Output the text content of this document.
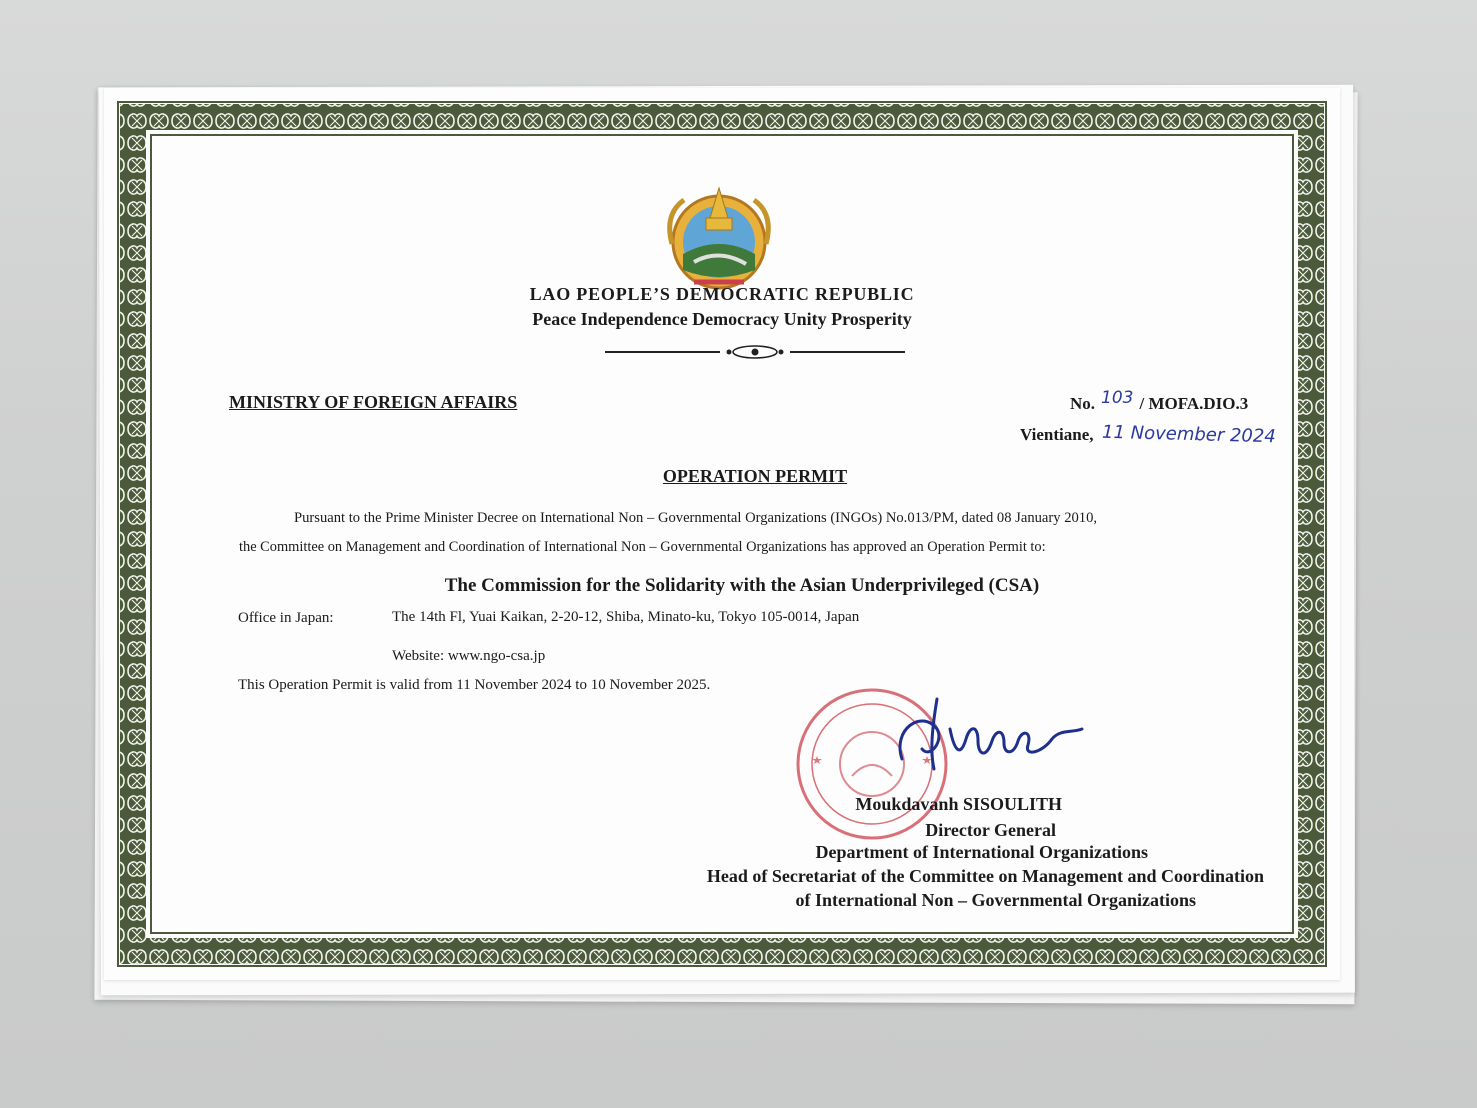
LAO PEOPLE’S DEMOCRATIC REPUBLIC
Peace Independence Democracy Unity Prosperity
MINISTRY OF FOREIGN AFFAIRS	No. 103 / MOFA.DIO.3
Vientiane, 11 November 2024
OPERATION PERMIT
Pursuant to the Prime Minister Decree on International Non – Governmental Organizations (INGOs) No.013/PM, dated 08 January 2010,
the Committee on Management and Coordination of International Non – Governmental Organizations has approved an Operation Permit to:
The Commission for the Solidarity with the Asian Underprivileged (CSA)
Office in Japan:	The 14th Fl, Yuai Kaikan, 2-20-12, Shiba, Minato-ku, Tokyo 105-0014, Japan
Website: www.ngo-csa.jp
This Operation Permit is valid from 11 November 2024 to 10 November 2025.
Moukdavanh SISOULITH
Director General
Department of International Organizations
Head of Secretariat of the Committee on Management and Coordination
of International Non – Governmental Organizations
